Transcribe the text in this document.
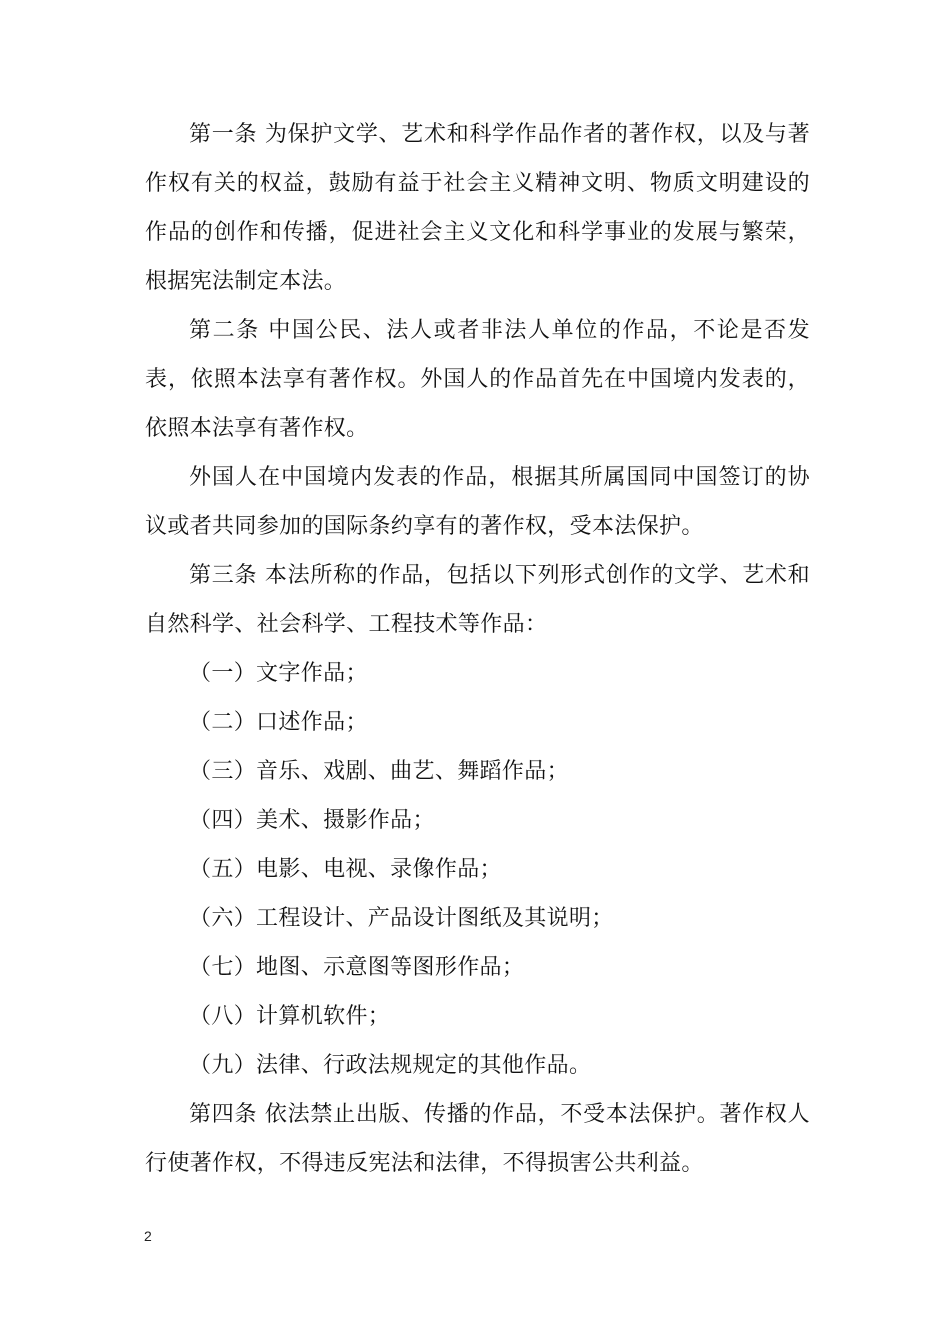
第一条 为保护文学、艺术和科学作品作者的著作权，以及与著作权有关的权益，鼓励有益于社会主义精神文明、物质文明建设的作品的创作和传播，促进社会主义文化和科学事业的发展与繁荣，根据宪法制定本法。

第二条 中国公民、法人或者非法人单位的作品，不论是否发表，依照本法享有著作权。外国人的作品首先在中国境内发表的，依照本法享有著作权。

外国人在中国境内发表的作品，根据其所属国同中国签订的协议或者共同参加的国际条约享有的著作权，受本法保护。

第三条 本法所称的作品，包括以下列形式创作的文学、艺术和自然科学、社会科学、工程技术等作品：

（一）文字作品；

（二）口述作品；

（三）音乐、戏剧、曲艺、舞蹈作品；

（四）美术、摄影作品；

（五）电影、电视、录像作品；

（六）工程设计、产品设计图纸及其说明；

（七）地图、示意图等图形作品；

（八）计算机软件；

（九）法律、行政法规规定的其他作品。

第四条 依法禁止出版、传播的作品，不受本法保护。著作权人行使著作权，不得违反宪法和法律，不得损害公共利益。

2
